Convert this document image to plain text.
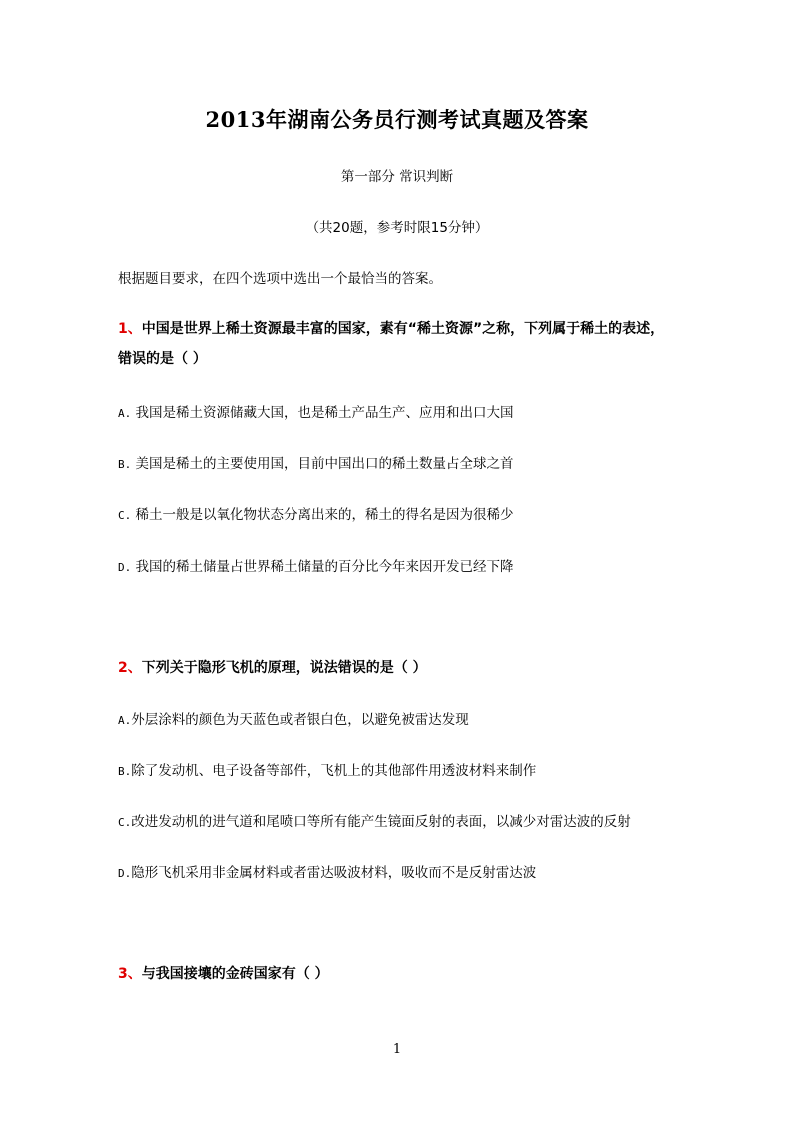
2013年湖南公务员行测考试真题及答案
第一部分 常识判断
（共20题，参考时限15分钟）
根据题目要求，在四个选项中选出一个最恰当的答案。
1、中国是世界上稀土资源最丰富的国家，素有“稀土资源”之称，下列属于稀土的表述，
错误的是（ ）
A. 我国是稀土资源储藏大国，也是稀土产品生产、应用和出口大国
B. 美国是稀土的主要使用国，目前中国出口的稀土数量占全球之首
C. 稀土一般是以氧化物状态分离出来的，稀土的得名是因为很稀少
D. 我国的稀土储量占世界稀土储量的百分比今年来因开发已经下降
2、下列关于隐形飞机的原理，说法错误的是（ ）
A.外层涂料的颜色为天蓝色或者银白色，以避免被雷达发现
B.除了发动机、电子设备等部件，飞机上的其他部件用透波材料来制作
C.改进发动机的进气道和尾喷口等所有能产生镜面反射的表面，以减少对雷达波的反射
D.隐形飞机采用非金属材料或者雷达吸波材料，吸收而不是反射雷达波
3、与我国接壤的金砖国家有（ ）
1
